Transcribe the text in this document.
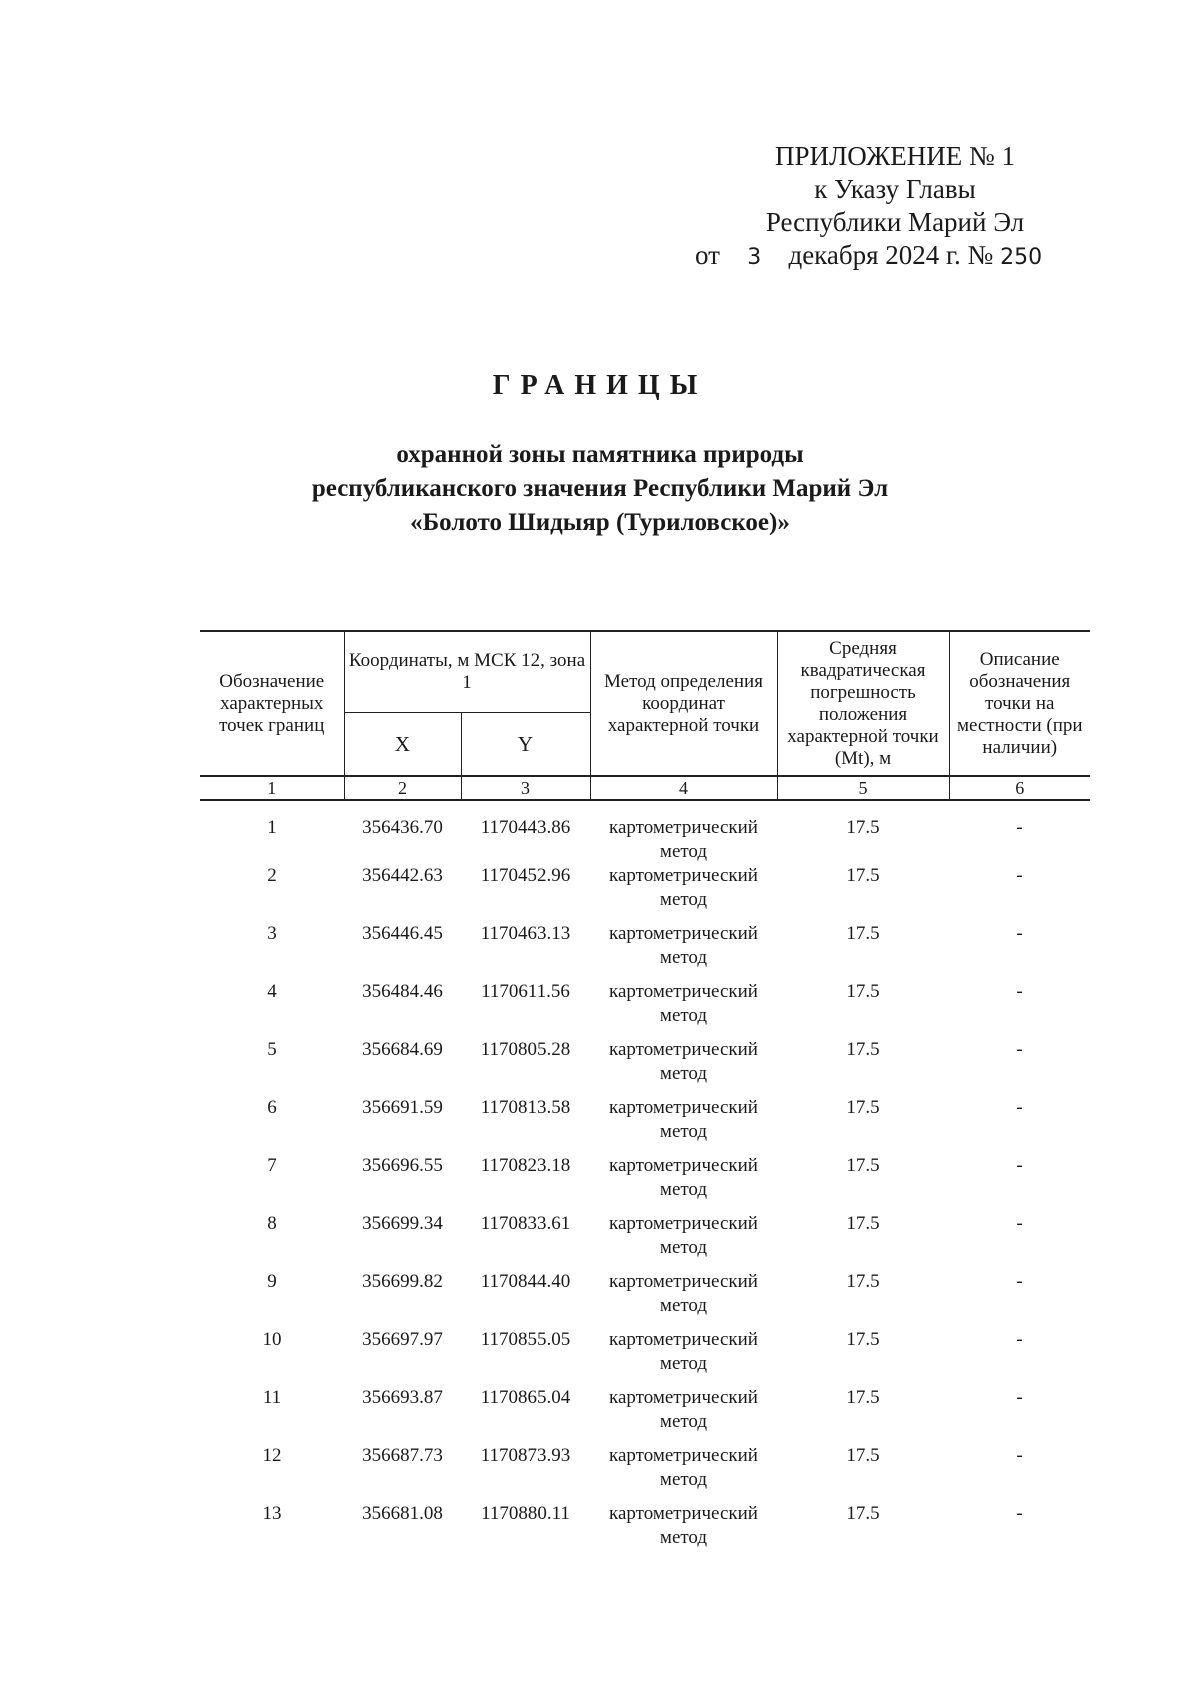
ПРИЛОЖЕНИЕ № 1
к Указу Главы
Республики Марий Эл
от 3 декабря 2024 г. № 250
ГРАНИЦЫ
охранной зоны памятника природы
республиканского значения Республики Марий Эл
«Болото Шидыяр (Туриловское)»
Обозначение характерных точек границ	Координаты, м МСК 12, зона 1		Метод определения координат характерной точки	Средняя квадратическая погрешность положения характерной точки (Mt), м	Описание обозначения точки на местности (при наличии)
	X	Y			
1	2	3	4	5	6
1	356436.70	1170443.86	картометрический метод	17.5	-
2	356442.63	1170452.96	картометрический метод	17.5	-
3	356446.45	1170463.13	картометрический метод	17.5	-
4	356484.46	1170611.56	картометрический метод	17.5	-
5	356684.69	1170805.28	картометрический метод	17.5	-
6	356691.59	1170813.58	картометрический метод	17.5	-
7	356696.55	1170823.18	картометрический метод	17.5	-
8	356699.34	1170833.61	картометрический метод	17.5	-
9	356699.82	1170844.40	картометрический метод	17.5	-
10	356697.97	1170855.05	картометрический метод	17.5	-
11	356693.87	1170865.04	картометрический метод	17.5	-
12	356687.73	1170873.93	картометрический метод	17.5	-
13	356681.08	1170880.11	картометрический метод	17.5	-
